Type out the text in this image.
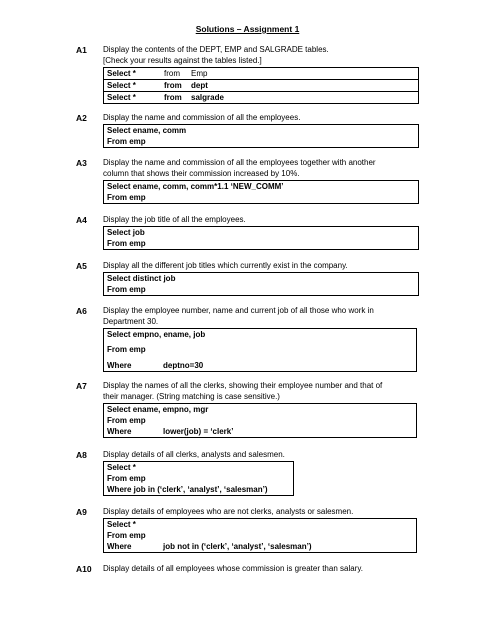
Solutions – Assignment 1
A1 Display the contents of the DEPT, EMP and SALGRADE tables.
[Check your results against the tables listed.]
Select *	from Emp
Select *	from dept
Select *	from salgrade
A2 Display the name and commission of all the employees.
Select ename, comm
From emp
A3 Display the name and commission of all the employees together with another
column that shows their commission increased by 10%.
Select ename, comm, comm*1.1 ‘NEW_COMM’
From emp
A4 Display the job title of all the employees.
Select job
From emp
A5 Display all the different job titles which currently exist in the company.
Select distinct job
From emp
A6 Display the employee number, name and current job of all those who work in
Department 30.
Select empno, ename, job
From emp
Where	deptno=30
A7 Display the names of all the clerks, showing their employee number and that of
their manager. (String matching is case sensitive.)
Select ename, empno, mgr
From emp
Where	lower(job) = ‘clerk’
A8 Display details of all clerks, analysts and salesmen.
Select *
From emp
Where job in (‘clerk’, ‘analyst’, ‘salesman’)
A9 Display details of employees who are not clerks, analysts or salesmen.
Select *
From emp
Where	job not in (‘clerk’, ‘analyst’, ‘salesman’)
A10 Display details of all employees whose commission is greater than salary.
